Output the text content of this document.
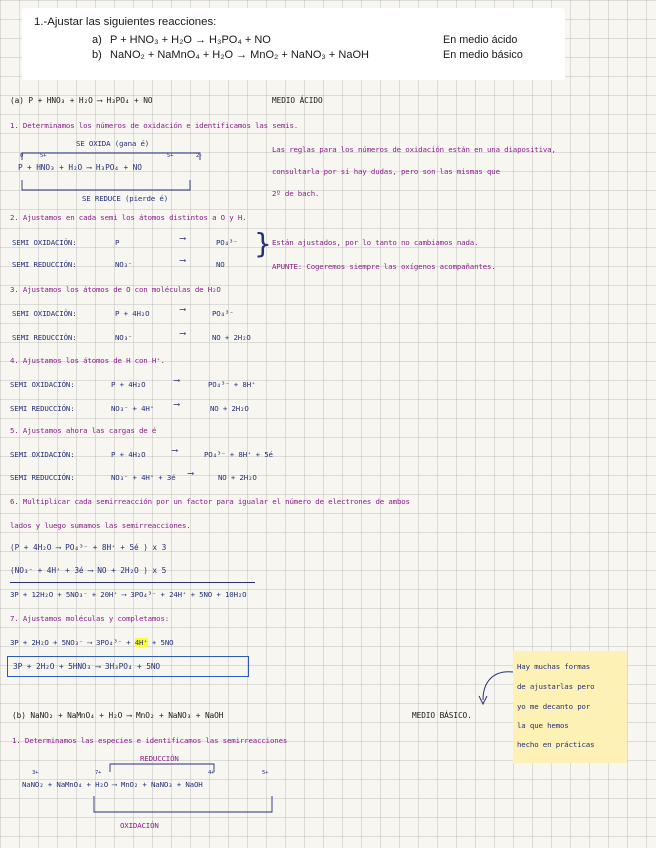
1.-Ajustar las siguientes reacciones:
a) P + HNO₃ + H₂O → H₃PO₄ + NO	En medio ácido
b) NaNO₂ + NaMnO₄ + H₂O → MnO₂ + NaNO₃ + NaOH	En medio básico
(a) P + HNO₃ + H₂O ⟶ H₃PO₄ + NO	MEDIO ÁCIDO
1. Determinamos los números de oxidación e identificamos las semis.
SE OXIDA (gana é)
0	5+	5+	2-
P + HNO₃ + H₂O ⟶ H₃PO₄ + NO
SE REDUCE (pierde é)
Las reglas para los números de oxidación están en una diapositiva,
consultarla por si hay dudas, pero son las mismas que
2º de bach.
2. Ajustamos en cada semi los átomos distintos a O y H.
SEMI OXIDACIÓN:	P	⟶	PO₄³⁻
SEMI REDUCCIÓN:	NO₃⁻	⟶	NO
} Están ajustados, por lo tanto no cambiamos nada.
APUNTE: Cogeremos siempre las oxígenos acompañantes.
3. Ajustamos los átomos de O con moléculas de H₂O
SEMI OXIDACIÓN:	P + 4H₂O	⟶	PO₄³⁻
SEMI REDUCCIÓN:	NO₃⁻	⟶	NO + 2H₂O
4. Ajustamos los átomos de H con H⁺.
SEMI OXIDACIÓN:	P + 4H₂O	⟶	PO₄³⁻ + 8H⁺
SEMI REDUCCIÓN:	NO₃⁻ + 4H⁺ ⟶	NO + 2H₂O
5. Ajustamos ahora las cargas de é
SEMI OXIDACIÓN:	P + 4H₂O	⟶	PO₄³⁻ + 8H⁺ + 5é
SEMI REDUCCIÓN:	NO₃⁻ + 4H⁺ + 3é ⟶	NO + 2H₂O
6. Multiplicar cada semirreacción por un factor para igualar el número de electrones de ambos
lados y luego sumamos las semirreacciones.
(P + 4H₂O ⟶ PO₄³⁻ + 8H⁺ + 5é ) x 3
(NO₃⁻ + 4H⁺ + 3é ⟶ NO + 2H₂O ) x 5
3P + 12H₂O + 5NO₃⁻ + 20H⁺ ⟶ 3PO₄³⁻ + 24H⁺ + 5NO + 10H₂O
7. Ajustamos moléculas y completamos:
3P + 2H₂O + 5NO₃⁻ ⟶ 3PO₄³⁻ + 4H⁺ + 5NO
3P + 2H₂O + 5HNO₃ ⟶ 3H₃PO₄ + 5NO	Hay muchas formas
de ajustarlas pero
yo me decanto por
la que hemos
hecho en prácticas
(b) NaNO₂ + NaMnO₄ + H₂O ⟶ MnO₂ + NaNO₃ + NaOH	MEDIO BÁSICO.
1. Determinamos las especies e identificamos las semirreacciones
REDUCCIÓN
3+	7+	4+	5+
NaNO₂ + NaMnO₄ + H₂O ⟶ MnO₂ + NaNO₃ + NaOH
OXIDACIÓN
